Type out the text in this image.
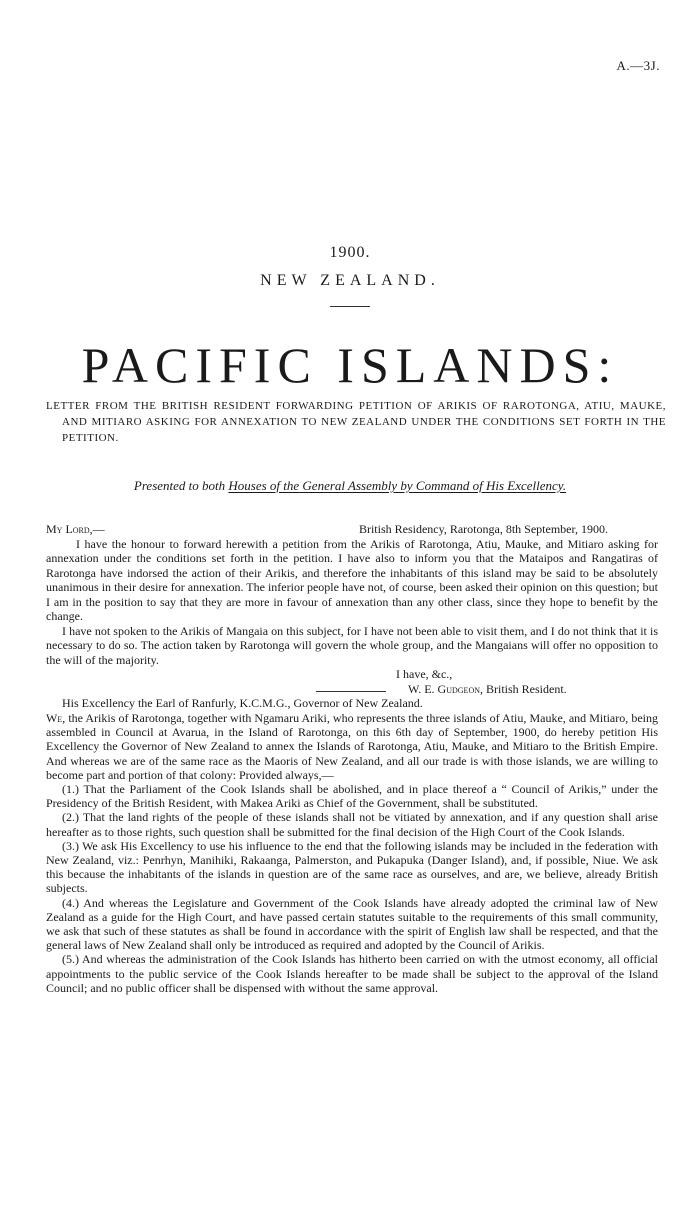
A.—3J.
1900.
NEW ZEALAND.
PACIFIC ISLANDS:
LETTER FROM THE BRITISH RESIDENT FORWARDING PETITION OF ARIKIS OF RAROTONGA, ATIU, MAUKE, AND MITIARO ASKING FOR ANNEXATION TO NEW ZEALAND UNDER THE CONDITIONS SET FORTH IN THE PETITION.
Presented to both Houses of the General Assembly by Command of His Excellency.
My Lord,—	British Residency, Rarotonga, 8th September, 1900.

I have the honour to forward herewith a petition from the Arikis of Rarotonga, Atiu, Mauke, and Mitiaro asking for annexation under the conditions set forth in the petition. I have also to inform you that the Mataipos and Rangatiras of Rarotonga have indorsed the action of their Arikis, and therefore the inhabitants of this island may be said to be absolutely unanimous in their desire for annexation. The inferior people have not, of course, been asked their opinion on this question; but I am in the position to say that they are more in favour of annexation than any other class, since they hope to benefit by the change.

I have not spoken to the Arikis of Mangaia on this subject, for I have not been able to visit them, and I do not think that it is necessary to do so. The action taken by Rarotonga will govern the whole group, and the Mangaians will offer no opposition to the will of the majority.

I have, &c.,
W. E. Gudgeon, British Resident.
His Excellency the Earl of Ranfurly, K.C.M.G., Governor of New Zealand.

We, the Arikis of Rarotonga, together with Ngamaru Ariki, who represents the three islands of Atiu, Mauke, and Mitiaro, being assembled in Council at Avarua, in the Island of Rarotonga, on this 6th day of September, 1900, do hereby petition His Excellency the Governor of New Zealand to annex the Islands of Rarotonga, Atiu, Mauke, and Mitiaro to the British Empire. And whereas we are of the same race as the Maoris of New Zealand, and all our trade is with those islands, we are willing to become part and portion of that colony: Provided always,—

(1.) That the Parliament of the Cook Islands shall be abolished, and in place thereof a “ Council of Arikis,” under the Presidency of the British Resident, with Makea Ariki as Chief of the Government, shall be substituted.

(2.) That the land rights of the people of these islands shall not be vitiated by annexation, and if any question shall arise hereafter as to those rights, such question shall be submitted for the final decision of the High Court of the Cook Islands.

(3.) We ask His Excellency to use his influence to the end that the following islands may be included in the federation with New Zealand, viz.: Penrhyn, Manihiki, Rakaanga, Palmerston, and Pukapuka (Danger Island), and, if possible, Niue. We ask this because the inhabitants of the islands in question are of the same race as ourselves, and are, we believe, already British subjects.

(4.) And whereas the Legislature and Government of the Cook Islands have already adopted the criminal law of New Zealand as a guide for the High Court, and have passed certain statutes suitable to the requirements of this small community, we ask that such of these statutes as shall be found in accordance with the spirit of English law shall be respected, and that the general laws of New Zealand shall only be introduced as required and adopted by the Council of Arikis.

(5.) And whereas the administration of the Cook Islands has hitherto been carried on with the utmost economy, all official appointments to the public service of the Cook Islands hereafter to be made shall be subject to the approval of the Island Council; and no public officer shall be dispensed with without the same approval.
